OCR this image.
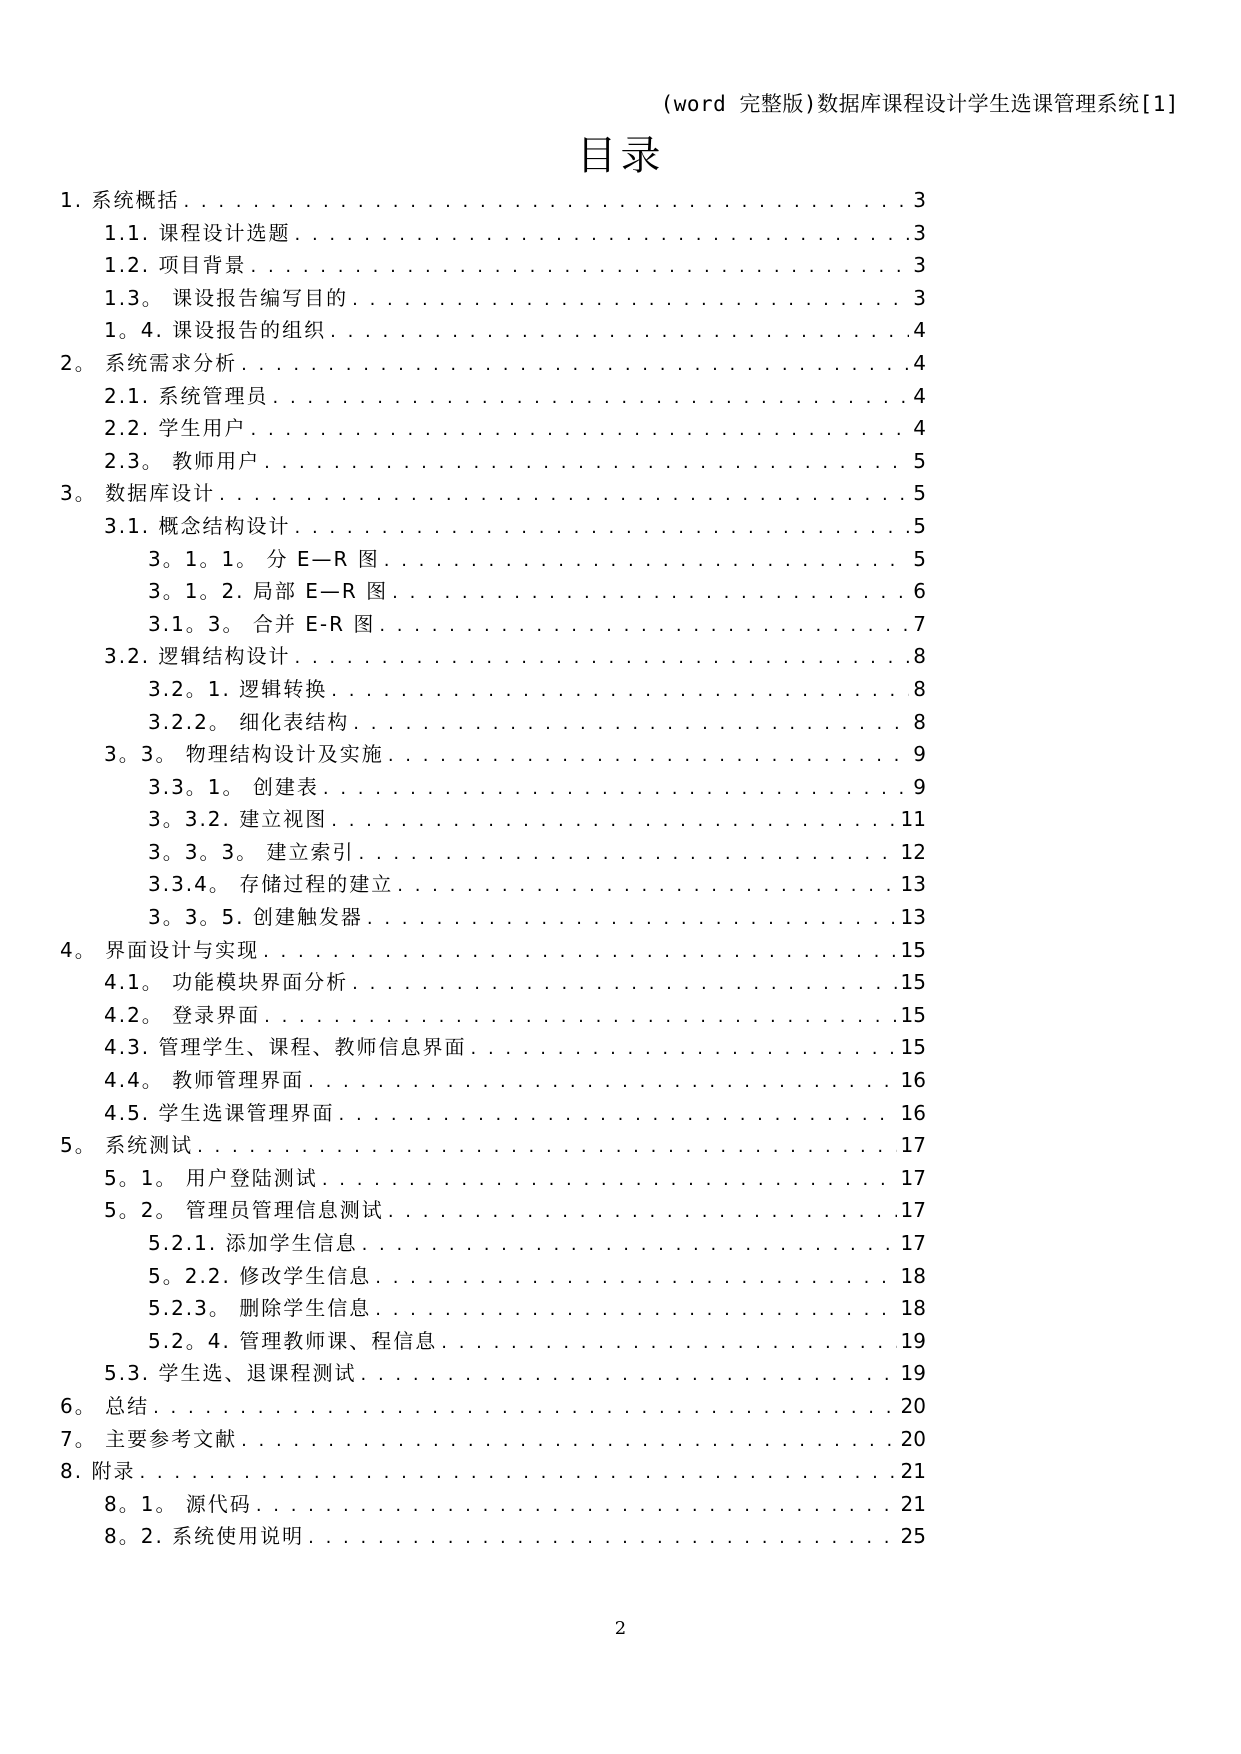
(word 完整版)数据库课程设计学生选课管理系统[1]
目录
1. 系统概括 . . .	3
1.1. 课程设计选题 . . .	3
1.2. 项目背景 . . .	3
1.3。 课设报告编写目的 . . .	3
1。4. 课设报告的组织 . . .	4
2。 系统需求分析 . . .	4
2.1. 系统管理员 . . .	4
2.2. 学生用户 . . .	4
2.3。 教师用户 . . .	5
3。 数据库设计 . . .	5
3.1. 概念结构设计 . . .	5
3。1。1。 分 E—R 图 . . .	5
3。1。2. 局部 E—R 图 . . .	6
3.1。3。 合并 E-R 图 . . .	7
3.2. 逻辑结构设计 . . .	8
3.2。1. 逻辑转换 . . .	8
3.2.2。 细化表结构 . . .	8
3。3。 物理结构设计及实施 . . .	9
3.3。1。 创建表 . . .	9
3。3.2. 建立视图 . . .	11
3。3。3。 建立索引 . . .	12
3.3.4。 存储过程的建立 . . .	13
3。3。5. 创建触发器 . . .	13
4。 界面设计与实现 . . .	15
4.1。 功能模块界面分析 . . .	15
4.2。 登录界面 . . .	15
4.3. 管理学生、课程、教师信息界面 . . .	15
4.4。 教师管理界面 . . .	16
4.5. 学生选课管理界面 . . .	16
5。 系统测试 . . .	17
5。1。 用户登陆测试 . . .	17
5。2。 管理员管理信息测试 . . .	17
5.2.1. 添加学生信息 . . .	17
5。2.2. 修改学生信息 . . .	18
5.2.3。 删除学生信息 . . .	18
5.2。4. 管理教师课、程信息 . . .	19
5.3. 学生选、退课程测试 . . .	19
6。 总结 . . .	20
7。 主要参考文献 . . .	20
8. 附录 . . .	21
8。1。 源代码 . . .	21
8。2. 系统使用说明 . . .	25
2
